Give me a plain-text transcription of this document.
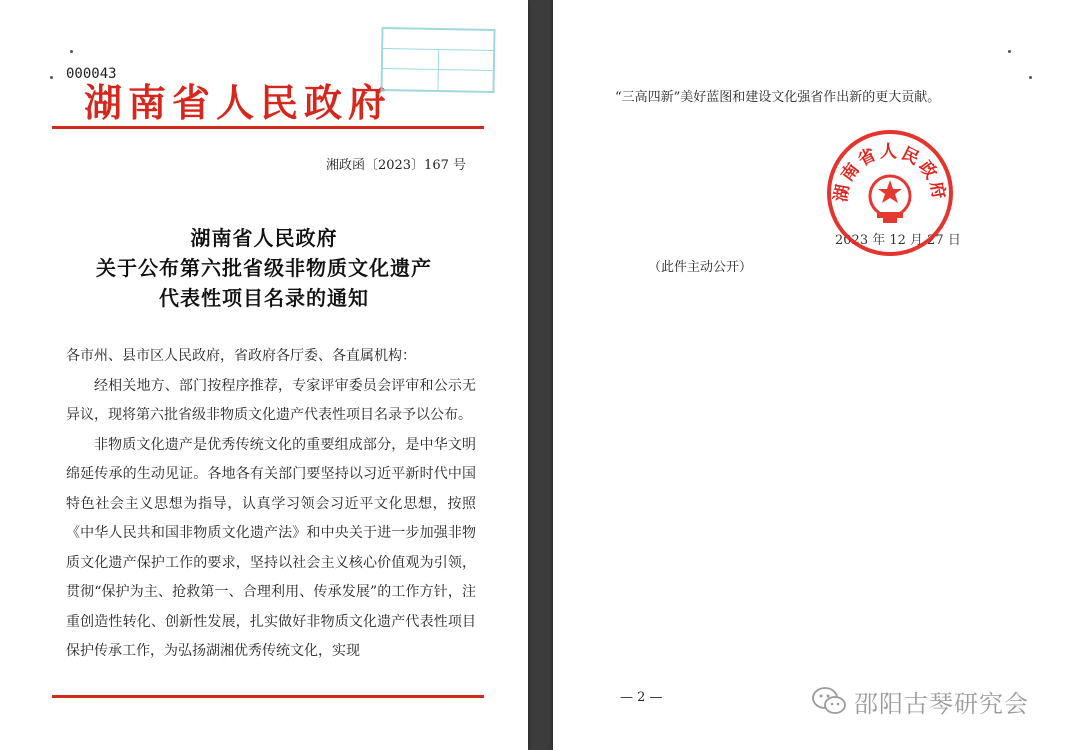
000043
湖南省人民政府
湘政函〔2023〕167 号
湖南省人民政府
关于公布第六批省级非物质文化遗产
代表性项目名录的通知

各市州、县市区人民政府，省政府各厅委、各直属机构：

经相关地方、部门按程序推荐，专家评审委员会评审和公示无异议，现将第六批省级非物质文化遗产代表性项目名录予以公布。

非物质文化遗产是优秀传统文化的重要组成部分，是中华文明绵延传承的生动见证。各地各有关部门要坚持以习近平新时代中国特色社会主义思想为指导，认真学习领会习近平文化思想，按照《中华人民共和国非物质文化遗产法》和中央关于进一步加强非物质文化遗产保护工作的要求，坚持以社会主义核心价值观为引领，贯彻“保护为主、抢救第一、合理利用、传承发展”的工作方针，注重创造性转化、创新性发展，扎实做好非物质文化遗产代表性项目保护传承工作，为弘扬湖湘优秀传统文化，实现

“三高四新”美好蓝图和建设文化强省作出新的更大贡献。
2023 年 12 月 27 日
湖南省人民政府
（此件主动公开）
— 2 —	邵阳古琴研究会
